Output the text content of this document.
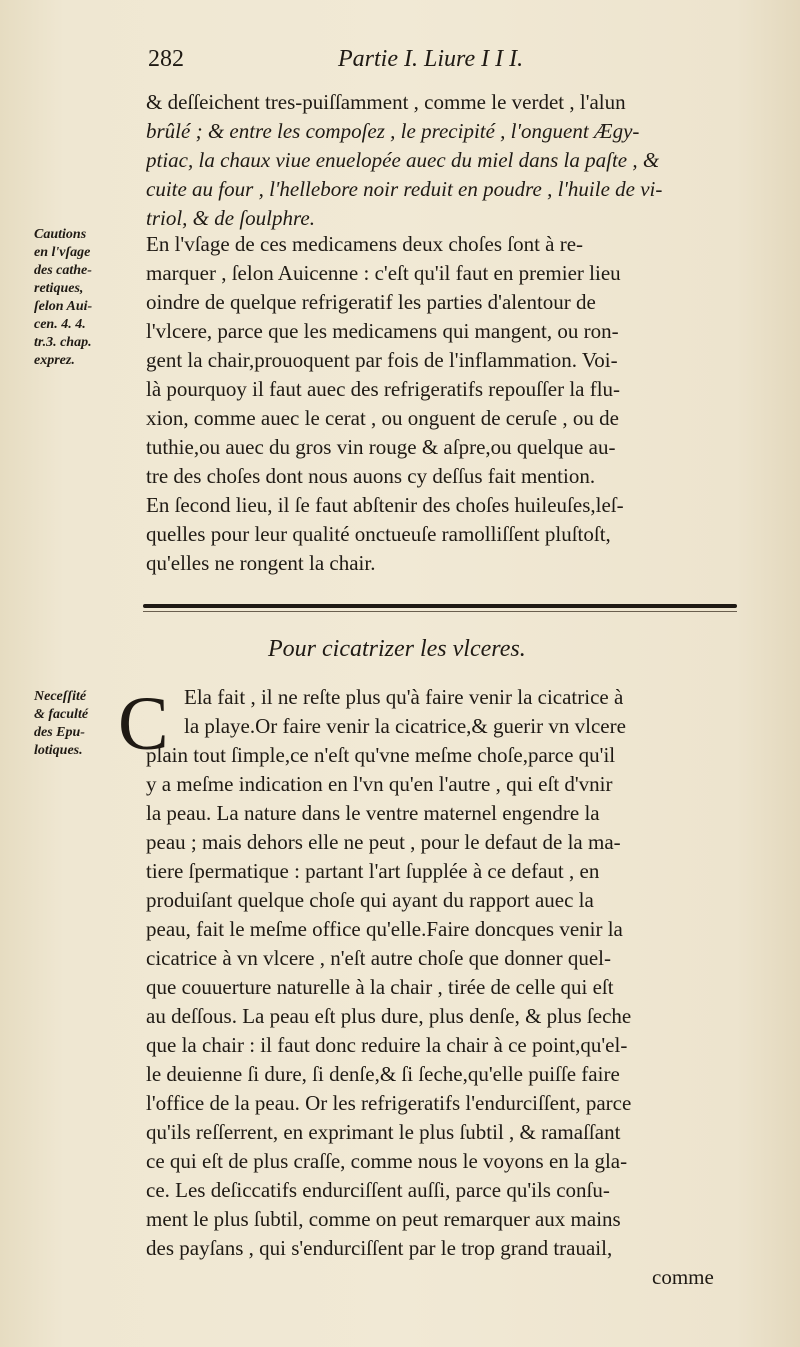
282	Partie I. Liure I I I.
& deſſeichent tres-puiſſamment , comme le verdet , l'alun
brûlé ; & entre les compoſez , le precipité , l'onguent Ægy-
ptiac, la chaux viue enuelopée auec du miel dans la paſte , &
cuite au four , l'hellebore noir reduit en poudre , l'huile de vi-
triol, & de ſoulphre.
Cautions
en l'vſage
des cathe-
retiques,
ſelon Aui-
cen. 4. 4.
tr.3. chap.
exprez.
En l'vſage de ces medicamens deux choſes ſont à re-
marquer , ſelon Auicenne : c'eſt qu'il faut en premier lieu
oindre de quelque refrigeratif les parties d'alentour de
l'vlcere, parce que les medicamens qui mangent, ou ron-
gent la chair,prouoquent par fois de l'inflammation. Voi-
là pourquoy il faut auec des refrigeratifs repouſſer la flu-
xion, comme auec le cerat , ou onguent de ceruſe , ou de
tuthie,ou auec du gros vin rouge & aſpre,ou quelque au-
tre des choſes dont nous auons cy deſſus fait mention.
En ſecond lieu, il ſe faut abſtenir des choſes huileuſes,leſ-
quelles pour leur qualité onctueuſe ramolliſſent pluſtoſt,
qu'elles ne rongent la chair.
Pour cicatrizer les vlceres.
C
Neceſſité
& faculté
des Epu-
lotiques.
Ela fait , il ne reſte plus qu'à faire venir la cicatrice à
la playe.Or faire venir la cicatrice,& guerir vn vlcere
plain tout ſimple,ce n'eſt qu'vne meſme choſe,parce qu'il
y a meſme indication en l'vn qu'en l'autre , qui eſt d'vnir
la peau. La nature dans le ventre maternel engendre la
peau ; mais dehors elle ne peut , pour le defaut de la ma-
tiere ſpermatique : partant l'art ſupplée à ce defaut , en
produiſant quelque choſe qui ayant du rapport auec la
peau, fait le meſme office qu'elle.Faire doncques venir la
cicatrice à vn vlcere , n'eſt autre choſe que donner quel-
que couuerture naturelle à la chair , tirée de celle qui eſt
au deſſous. La peau eſt plus dure, plus denſe, & plus ſeche
que la chair : il faut donc reduire la chair à ce point,qu'el-
le deuienne ſi dure, ſi denſe,& ſi ſeche,qu'elle puiſſe faire
l'office de la peau. Or les refrigeratifs l'endurciſſent, parce
qu'ils reſſerrent, en exprimant le plus ſubtil , & ramaſſant
ce qui eſt de plus craſſe, comme nous le voyons en la gla-
ce. Les deſiccatifs endurciſſent auſſi, parce qu'ils conſu-
ment le plus ſubtil, comme on peut remarquer aux mains
des payſans , qui s'endurciſſent par le trop grand trauail,
comme
